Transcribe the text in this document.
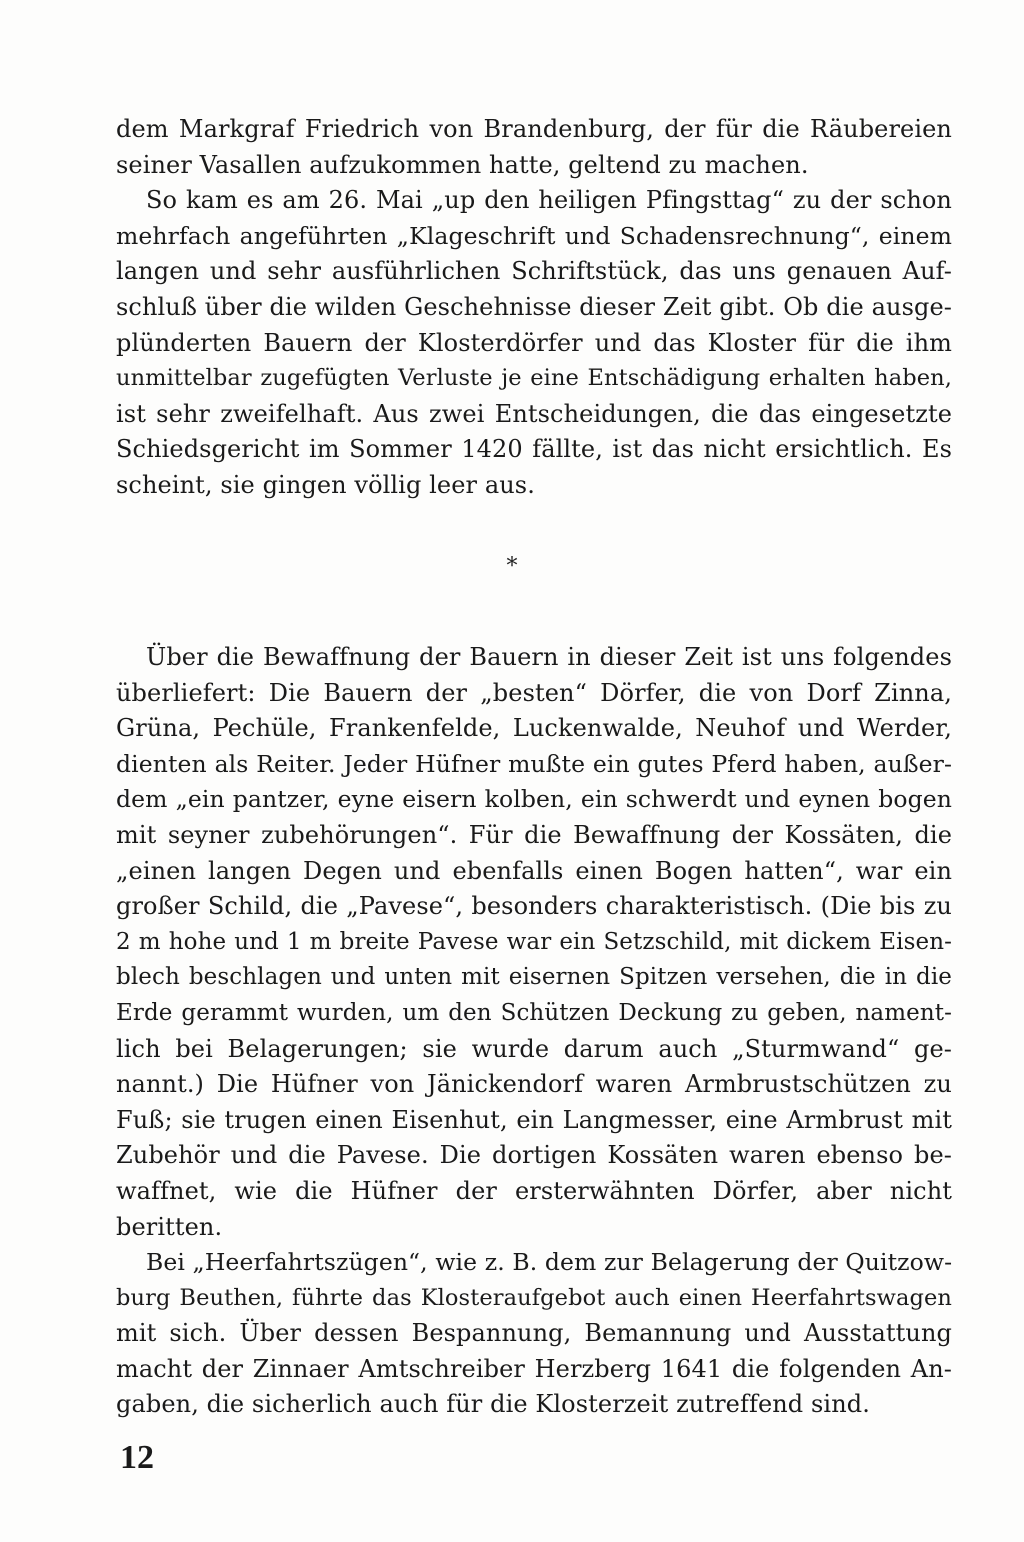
dem Markgraf Friedrich von Brandenburg, der für die Räubereien
seiner Vasallen aufzukommen hatte, geltend zu machen.
So kam es am 26. Mai „up den heiligen Pfingsttag“ zu der schon
mehrfach angeführten „Klageschrift und Schadensrechnung“, einem
langen und sehr ausführlichen Schriftstück, das uns genauen Auf-
schluß über die wilden Geschehnisse dieser Zeit gibt. Ob die ausge-
plünderten Bauern der Klosterdörfer und das Kloster für die ihm
unmittelbar zugefügten Verluste je eine Entschädigung erhalten haben,
ist sehr zweifelhaft. Aus zwei Entscheidungen, die das eingesetzte
Schiedsgericht im Sommer 1420 fällte, ist das nicht ersichtlich. Es
scheint, sie gingen völlig leer aus.
*
Über die Bewaffnung der Bauern in dieser Zeit ist uns folgendes
überliefert: Die Bauern der „besten“ Dörfer, die von Dorf Zinna,
Grüna, Pechüle, Frankenfelde, Luckenwalde, Neuhof und Werder,
dienten als Reiter. Jeder Hüfner mußte ein gutes Pferd haben, außer-
dem „ein pantzer, eyne eisern kolben, ein schwerdt und eynen bogen
mit seyner zubehörungen“. Für die Bewaffnung der Kossäten, die
„einen langen Degen und ebenfalls einen Bogen hatten“, war ein
großer Schild, die „Pavese“, besonders charakteristisch. (Die bis zu
2 m hohe und 1 m breite Pavese war ein Setzschild, mit dickem Eisen-
blech beschlagen und unten mit eisernen Spitzen versehen, die in die
Erde gerammt wurden, um den Schützen Deckung zu geben, nament-
lich bei Belagerungen; sie wurde darum auch „Sturmwand“ ge-
nannt.) Die Hüfner von Jänickendorf waren Armbrustschützen zu
Fuß; sie trugen einen Eisenhut, ein Langmesser, eine Armbrust mit
Zubehör und die Pavese. Die dortigen Kossäten waren ebenso be-
waffnet, wie die Hüfner der ersterwähnten Dörfer, aber nicht
beritten.
Bei „Heerfahrtszügen“, wie z. B. dem zur Belagerung der Quitzow-
burg Beuthen, führte das Klosteraufgebot auch einen Heerfahrtswagen
mit sich. Über dessen Bespannung, Bemannung und Ausstattung
macht der Zinnaer Amtschreiber Herzberg 1641 die folgenden An-
gaben, die sicherlich auch für die Klosterzeit zutreffend sind.
12
